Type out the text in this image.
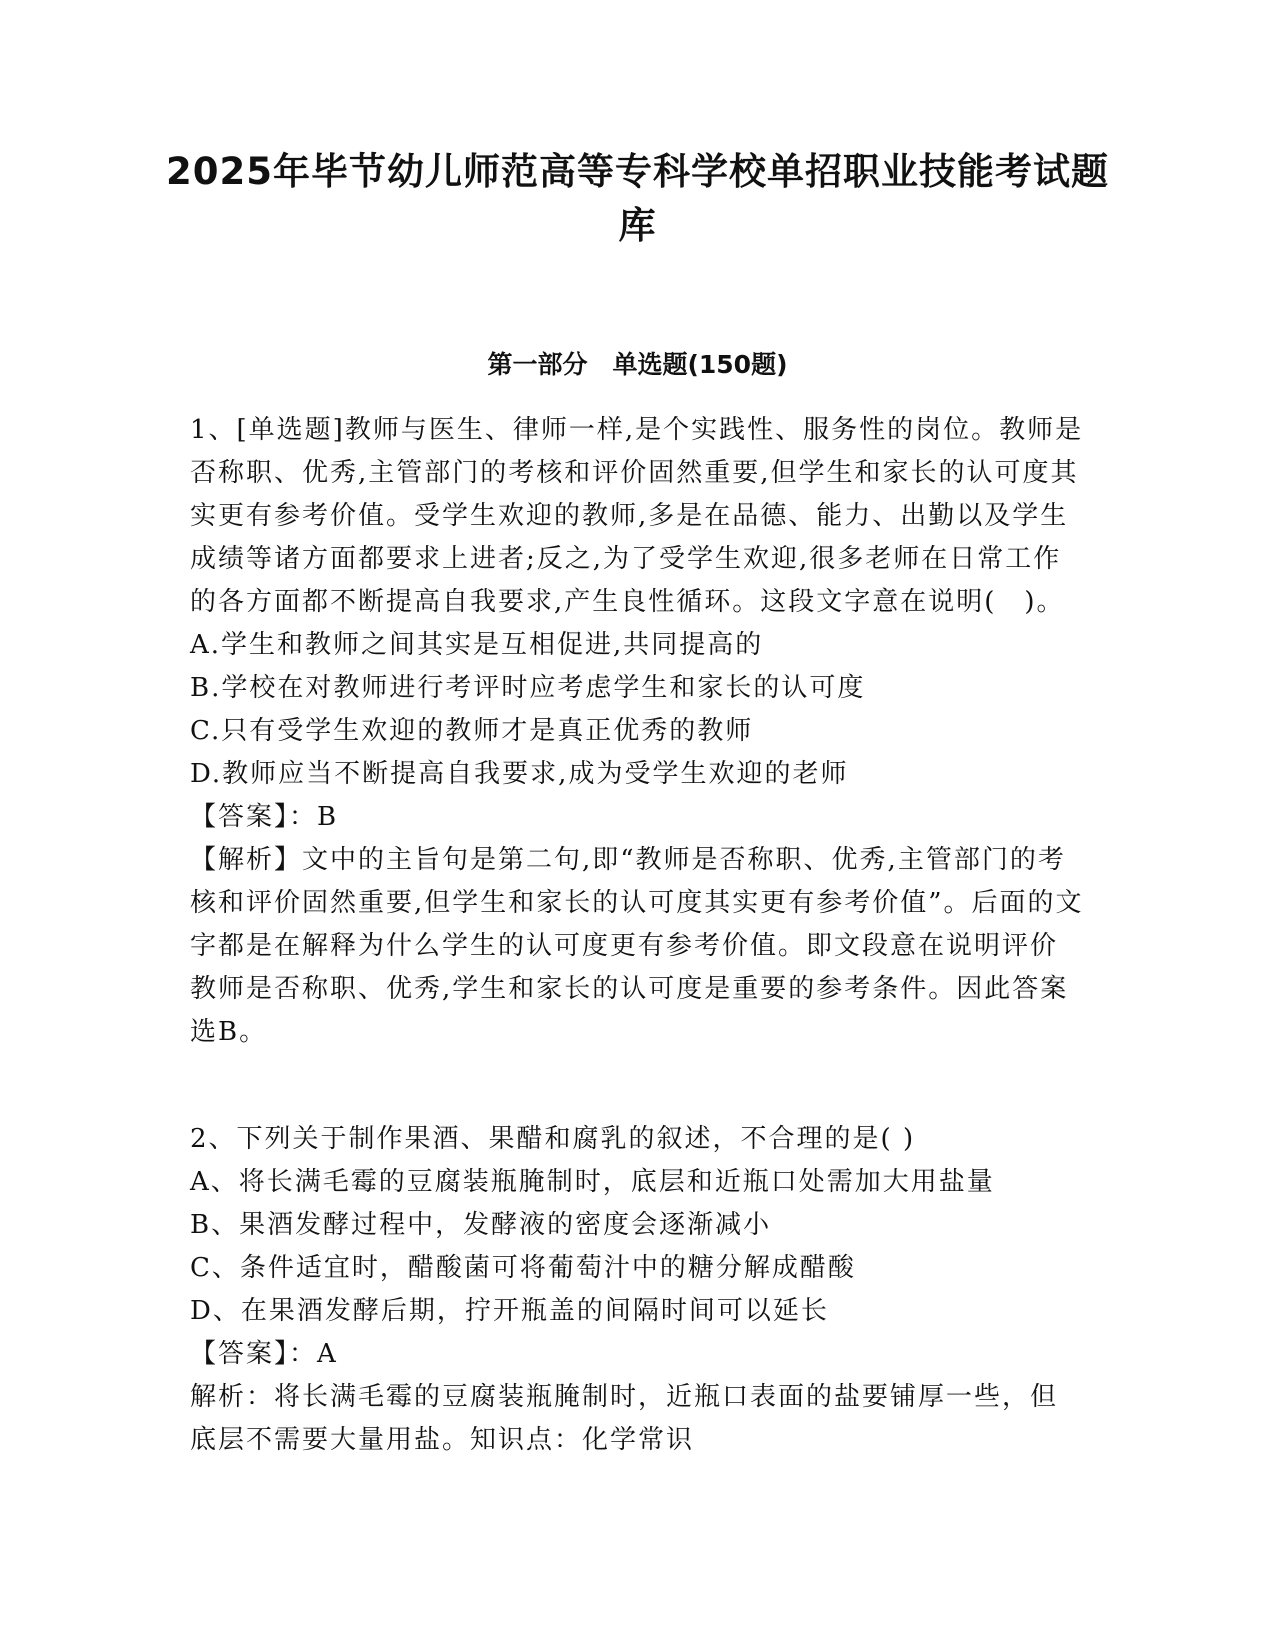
2025年毕节幼儿师范高等专科学校单招职业技能考试题库
第一部分　单选题(150题)

1、[单选题]教师与医生、律师一样,是个实践性、服务性的岗位。教师是否称职、优秀,主管部门的考核和评价固然重要,但学生和家长的认可度其实更有参考价值。受学生欢迎的教师,多是在品德、能力、出勤以及学生成绩等诸方面都要求上进者;反之,为了受学生欢迎,很多老师在日常工作的各方面都不断提高自我要求,产生良性循环。这段文字意在说明(　)。

A.学生和教师之间其实是互相促进,共同提高的

B.学校在对教师进行考评时应考虑学生和家长的认可度

C.只有受学生欢迎的教师才是真正优秀的教师

D.教师应当不断提高自我要求,成为受学生欢迎的老师

【答案】：B

【解析】文中的主旨句是第二句,即“教师是否称职、优秀,主管部门的考核和评价固然重要,但学生和家长的认可度其实更有参考价值”。后面的文字都是在解释为什么学生的认可度更有参考价值。即文段意在说明评价教师是否称职、优秀,学生和家长的认可度是重要的参考条件。因此答案选B。

2、下列关于制作果酒、果醋和腐乳的叙述，不合理的是( )

A、将长满毛霉的豆腐装瓶腌制时，底层和近瓶口处需加大用盐量

B、果酒发酵过程中，发酵液的密度会逐渐减小

C、条件适宜时，醋酸菌可将葡萄汁中的糖分解成醋酸

D、在果酒发酵后期，拧开瓶盖的间隔时间可以延长

【答案】：A

解析：将长满毛霉的豆腐装瓶腌制时，近瓶口表面的盐要铺厚一些，但底层不需要大量用盐。知识点：化学常识
